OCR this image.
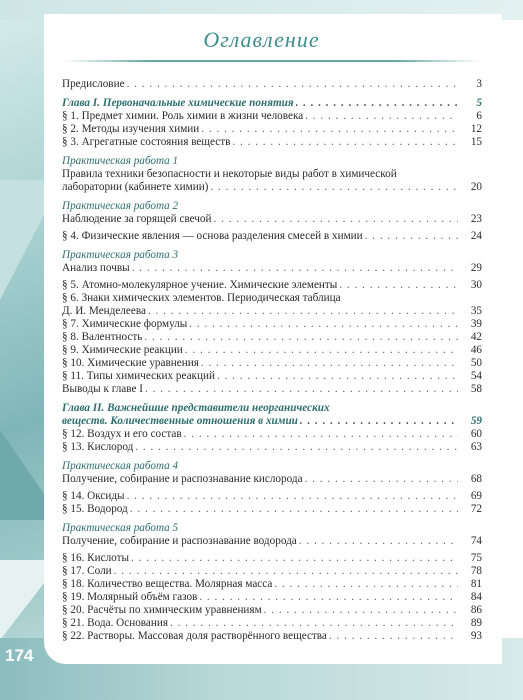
Оглавление
Предисловие . . .	3
Глава I. Первоначальные химические понятия . . .	5
§ 1. Предмет химии. Роль химии в жизни человека . . .	6
§ 2. Методы изучения химии . . .	12
§ 3. Агрегатные состояния веществ . . .	15
Практическая работа 1
Правила техники безопасности и некоторые виды работ в химической
лаборатории (кабинете химии) . . .	20
Практическая работа 2
Наблюдение за горящей свечой . . .	23
§ 4. Физические явления — основа разделения смесей в химии . . .	24
Практическая работа 3
Анализ почвы . . .	29
§ 5. Атомно-молекулярное учение. Химические элементы . . .	30
§ 6. Знаки химических элементов. Периодическая таблица
Д. И. Менделеева . . .	35
§ 7. Химические формулы . . .	39
§ 8. Валентность . . .	42
§ 9. Химические реакции . . .	46
§ 10. Химические уравнения . . .	50
§ 11. Типы химических реакций . . .	54
Выводы к главе I . . .	58
Глава II. Важнейшие представители неорганических
веществ. Количественные отношения в химии . . .	59
§ 12. Воздух и его состав . . .	60
§ 13. Кислород . . .	63
Практическая работа 4
Получение, собирание и распознавание кислорода . . .	68
§ 14. Оксиды . . .	69
§ 15. Водород . . .	72
Практическая работа 5
Получение, собирание и распознавание водорода . . .	74
§ 16. Кислоты . . .	75
§ 17. Соли . . .	78
§ 18. Количество вещества. Молярная масса . . .	81
§ 19. Молярный объём газов . . .	84
§ 20. Расчёты по химическим уравнениям . . .	86
§ 21. Вода. Основания . . .	89
§ 22. Растворы. Массовая доля растворённого вещества . . .	93
174
